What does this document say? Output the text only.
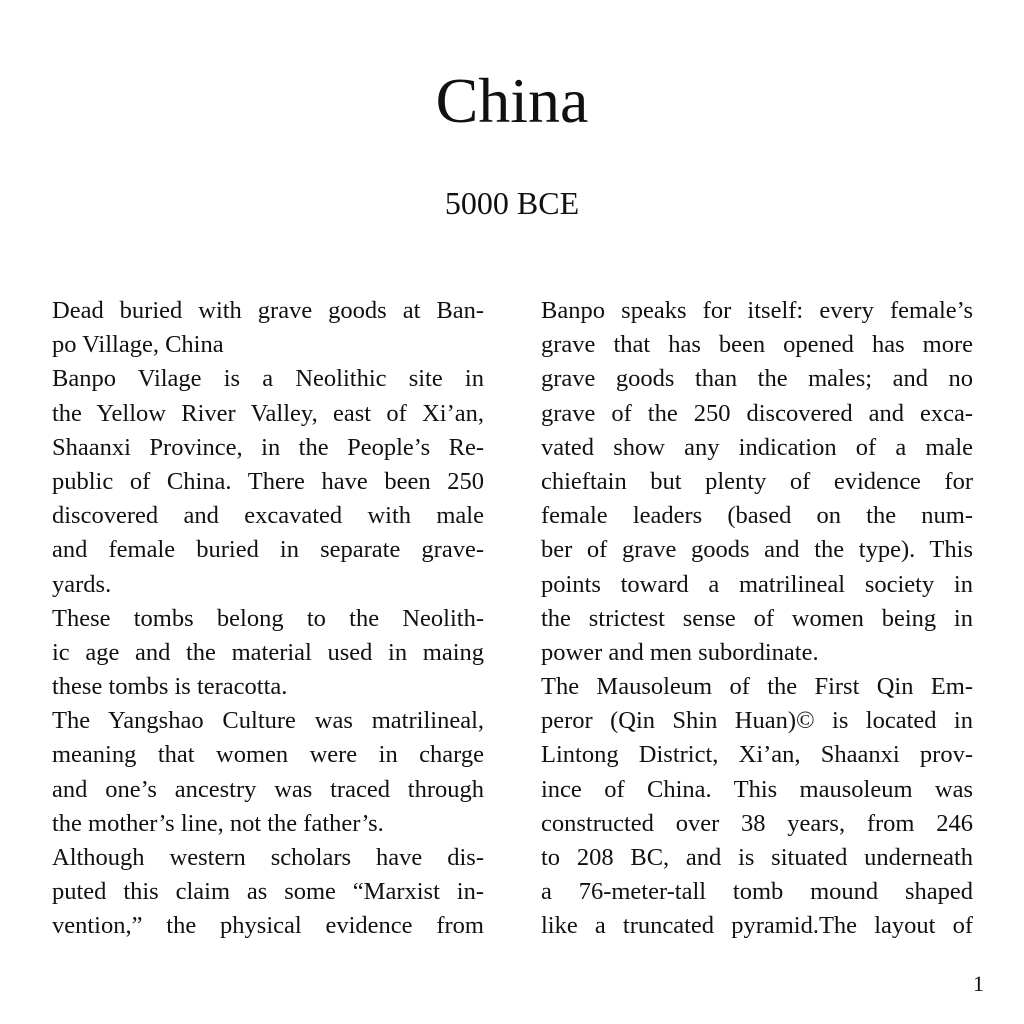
China
5000 BCE
Dead buried with grave goods at Ban-
po Village, China
Banpo Vilage is a Neolithic site in
the Yellow River Valley, east of Xi’an,
Shaanxi Province, in the People’s Re-
public of China. There have been 250
discovered and excavated with male
and female buried in separate grave-
yards.
These tombs belong to the Neolith-
ic age and the material used in maing
these tombs is teracotta.
The Yangshao Culture was matrilineal,
meaning that women were in charge
and one’s ancestry was traced through
the mother’s line, not the father’s.
Although western scholars have dis-
puted this claim as some “Marxist in-
vention,” the physical evidence from
Banpo speaks for itself: every female’s
grave that has been opened has more
grave goods than the males; and no
grave of the 250 discovered and exca-
vated show any indication of a male
chieftain but plenty of evidence for
female leaders (based on the num-
ber of grave goods and the type). This
points toward a matrilineal society in
the strictest sense of women being in
power and men subordinate.
The Mausoleum of the First Qin Em-
peror (Qin Shin Huan)© is located in
Lintong District, Xi’an, Shaanxi prov-
ince of China. This mausoleum was
constructed over 38 years, from 246
to 208 BC, and is situated underneath
a 76-meter-tall tomb mound shaped
like a truncated pyramid.The layout of
1
